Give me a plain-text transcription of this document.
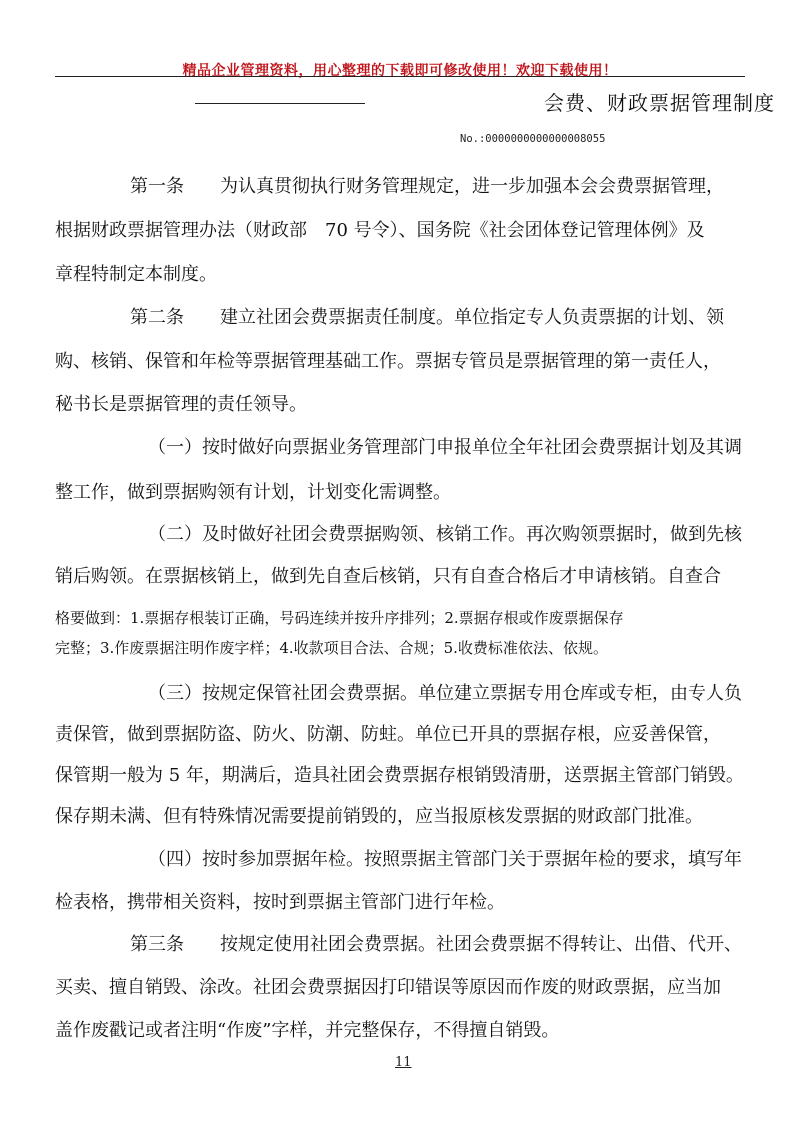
精品企业管理资料，用心整理的下载即可修改使用！欢迎下载使用！
会费、财政票据管理制度
No.:0000000000000008055
第一条　　为认真贯彻执行财务管理规定，进一步加强本会会费票据管理，
根据财政票据管理办法（财政部　70 号令）、国务院《社会团体登记管理体例》及
章程特制定本制度。
第二条　　建立社团会费票据责任制度。单位指定专人负责票据的计划、领
购、核销、保管和年检等票据管理基础工作。票据专管员是票据管理的第一责任人，
秘书长是票据管理的责任领导。
（一）按时做好向票据业务管理部门申报单位全年社团会费票据计划及其调
整工作，做到票据购领有计划，计划变化需调整。
（二）及时做好社团会费票据购领、核销工作。再次购领票据时，做到先核
销后购领。在票据核销上，做到先自查后核销，只有自查合格后才申请核销。自查合
格要做到：1.票据存根装订正确，号码连续并按升序排列；2.票据存根或作废票据保存
完整；3.作废票据注明作废字样；4.收款项目合法、合规；5.收费标准依法、依规。
（三）按规定保管社团会费票据。单位建立票据专用仓库或专柜，由专人负
责保管，做到票据防盗、防火、防潮、防蛀。单位已开具的票据存根，应妥善保管，
保管期一般为 5 年，期满后，造具社团会费票据存根销毁清册，送票据主管部门销毁。
保存期未满、但有特殊情况需要提前销毁的，应当报原核发票据的财政部门批准。
（四）按时参加票据年检。按照票据主管部门关于票据年检的要求，填写年
检表格，携带相关资料，按时到票据主管部门进行年检。
第三条　　按规定使用社团会费票据。社团会费票据不得转让、出借、代开、
买卖、擅自销毁、涂改。社团会费票据因打印错误等原因而作废的财政票据，应当加
盖作废戳记或者注明“作废”字样，并完整保存，不得擅自销毁。
11
